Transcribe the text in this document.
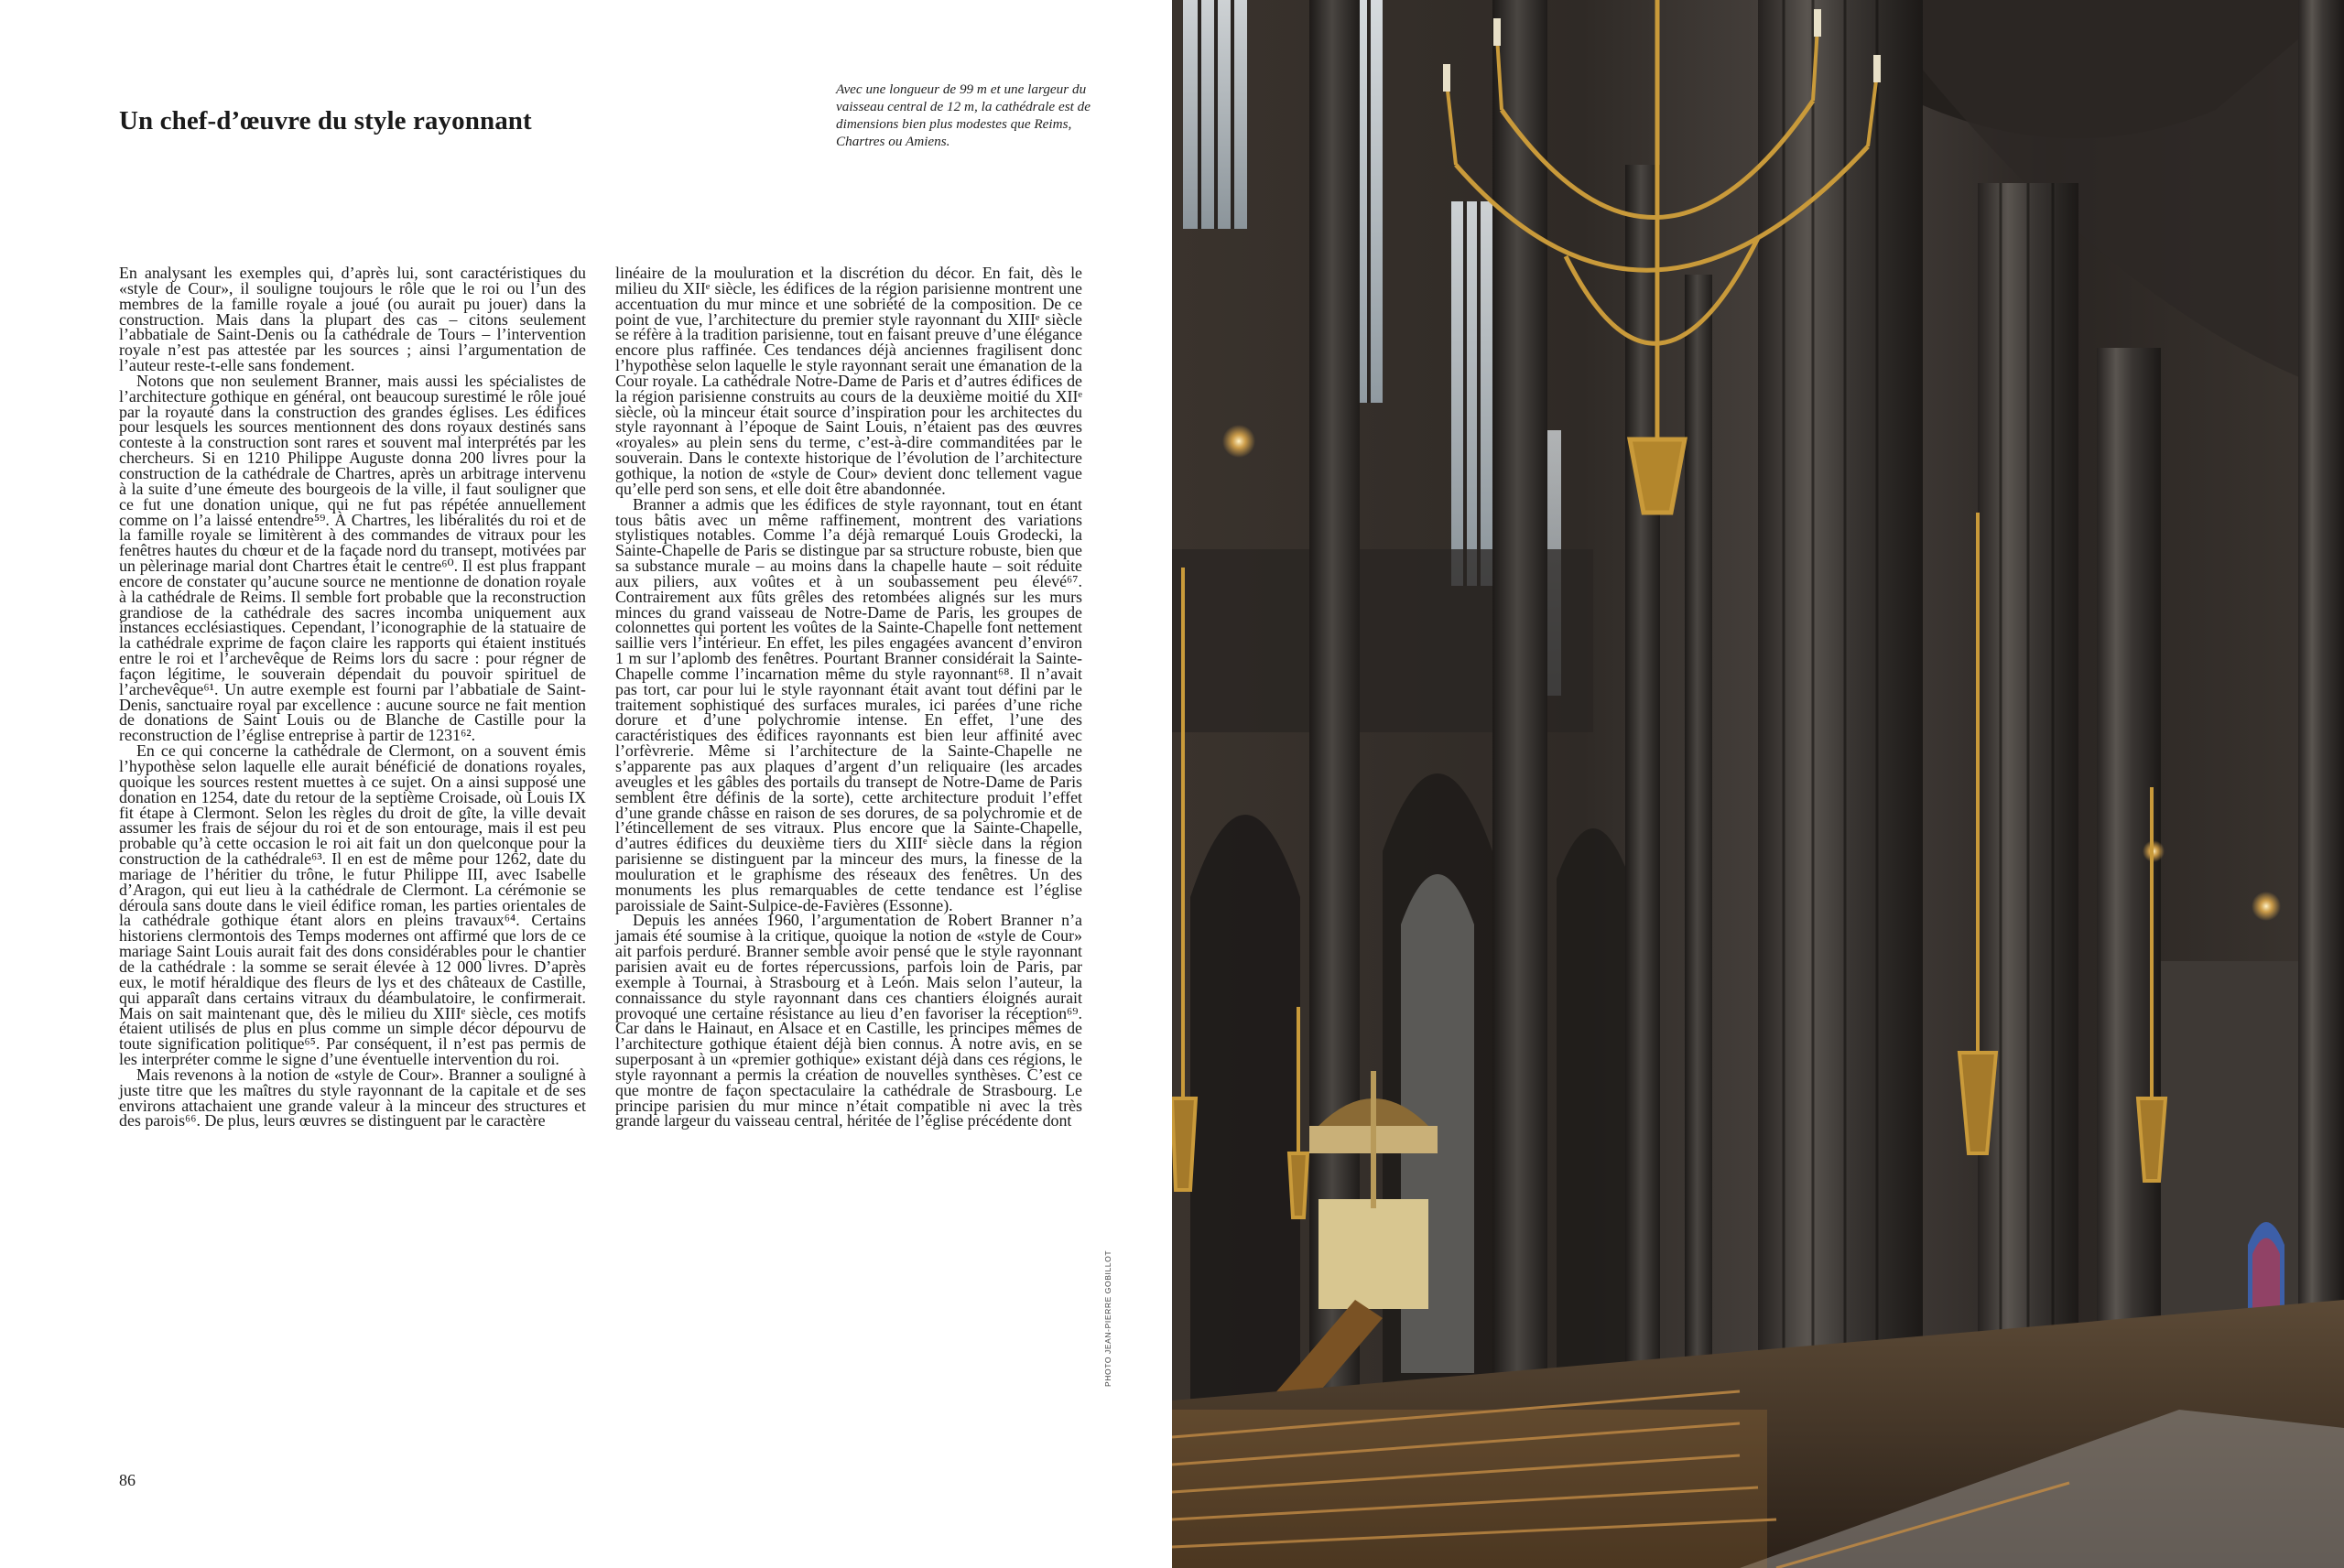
Un chef-d’œuvre du style rayonnant
Avec une longueur de 99 m et une largeur du vaisseau central de 12 m, la cathédrale est de dimensions bien plus modestes que Reims, Chartres ou Amiens.

En analysant les exemples qui, d’après lui, sont caractéristiques du «style de Cour», il souligne toujours le rôle que le roi ou l’un des membres de la famille royale a joué (ou aurait pu jouer) dans la construction. Mais dans la plupart des cas – citons seulement l’abbatiale de Saint-Denis ou la cathédrale de Tours – l’intervention royale n’est pas attestée par les sources ; ainsi l’argumentation de l’auteur reste-t-elle sans fondement.

Notons que non seulement Branner, mais aussi les spécialistes de l’architecture gothique en général, ont beaucoup surestimé le rôle joué par la royauté dans la construction des grandes églises. Les édifices pour lesquels les sources mentionnent des dons royaux destinés sans conteste à la construction sont rares et souvent mal interprétés par les chercheurs. Si en 1210 Philippe Auguste donna 200 livres pour la construction de la cathédrale de Chartres, après un arbitrage intervenu à la suite d’une émeute des bourgeois de la ville, il faut souligner que ce fut une donation unique, qui ne fut pas répétée annuellement comme on l’a laissé entendre⁵⁹. À Chartres, les libéralités du roi et de la famille royale se limitèrent à des commandes de vitraux pour les fenêtres hautes du chœur et de la façade nord du transept, motivées par un pèlerinage marial dont Chartres était le centre⁶⁰. Il est plus frappant encore de constater qu’aucune source ne mentionne de donation royale à la cathédrale de Reims. Il semble fort probable que la reconstruction grandiose de la cathédrale des sacres incomba uniquement aux instances ecclésiastiques. Cependant, l’iconographie de la statuaire de la cathédrale exprime de façon claire les rapports qui étaient institués entre le roi et l’archevêque de Reims lors du sacre : pour régner de façon légitime, le souverain dépendait du pouvoir spirituel de l’archevêque⁶¹. Un autre exemple est fourni par l’abbatiale de Saint-Denis, sanctuaire royal par excellence : aucune source ne fait mention de donations de Saint Louis ou de Blanche de Castille pour la reconstruction de l’église entreprise à partir de 1231⁶².

En ce qui concerne la cathédrale de Clermont, on a souvent émis l’hypothèse selon laquelle elle aurait bénéficié de donations royales, quoique les sources restent muettes à ce sujet. On a ainsi supposé une donation en 1254, date du retour de la septième Croisade, où Louis IX fit étape à Clermont. Selon les règles du droit de gîte, la ville devait assumer les frais de séjour du roi et de son entourage, mais il est peu probable qu’à cette occasion le roi ait fait un don quelconque pour la construction de la cathédrale⁶³. Il en est de même pour 1262, date du mariage de l’héritier du trône, le futur Philippe III, avec Isabelle d’Aragon, qui eut lieu à la cathédrale de Clermont. La cérémonie se déroula sans doute dans le vieil édifice roman, les parties orientales de la cathédrale gothique étant alors en pleins travaux⁶⁴. Certains historiens clermontois des Temps modernes ont affirmé que lors de ce mariage Saint Louis aurait fait des dons considérables pour le chantier de la cathédrale : la somme se serait élevée à 12 000 livres. D’après eux, le motif héraldique des fleurs de lys et des châteaux de Castille, qui apparaît dans certains vitraux du déambulatoire, le confirmerait. Mais on sait maintenant que, dès le milieu du XIIIᵉ siècle, ces motifs étaient utilisés de plus en plus comme un simple décor dépourvu de toute signification politique⁶⁵. Par conséquent, il n’est pas permis de les interpréter comme le signe d’une éventuelle intervention du roi.

Mais revenons à la notion de «style de Cour». Branner a souligné à juste titre que les maîtres du style rayonnant de la capitale et de ses environs attachaient une grande valeur à la minceur des structures et des parois⁶⁶. De plus, leurs œuvres se distinguent par le caractère

linéaire de la mouluration et la discrétion du décor. En fait, dès le milieu du XIIᵉ siècle, les édifices de la région parisienne montrent une accentuation du mur mince et une sobriété de la composition. De ce point de vue, l’architecture du premier style rayonnant du XIIIᵉ siècle se réfère à la tradition parisienne, tout en faisant preuve d’une élégance encore plus raffinée. Ces tendances déjà anciennes fragilisent donc l’hypothèse selon laquelle le style rayonnant serait une émanation de la Cour royale. La cathédrale Notre-Dame de Paris et d’autres édifices de la région parisienne construits au cours de la deuxième moitié du XIIᵉ siècle, où la minceur était source d’inspiration pour les architectes du style rayonnant à l’époque de Saint Louis, n’étaient pas des œuvres «royales» au plein sens du terme, c’est-à-dire commanditées par le souverain. Dans le contexte historique de l’évolution de l’architecture gothique, la notion de «style de Cour» devient donc tellement vague qu’elle perd son sens, et elle doit être abandonnée.

Branner a admis que les édifices de style rayonnant, tout en étant tous bâtis avec un même raffinement, montrent des variations stylistiques notables. Comme l’a déjà remarqué Louis Grodecki, la Sainte-Chapelle de Paris se distingue par sa structure robuste, bien que sa substance murale – au moins dans la chapelle haute – soit réduite aux piliers, aux voûtes et à un soubassement peu élevé⁶⁷. Contrairement aux fûts grêles des retombées alignés sur les murs minces du grand vaisseau de Notre-Dame de Paris, les groupes de colonnettes qui portent les voûtes de la Sainte-Chapelle font nettement saillie vers l’intérieur. En effet, les piles engagées avancent d’environ 1 m sur l’aplomb des fenêtres. Pourtant Branner considérait la Sainte-Chapelle comme l’incarnation même du style rayonnant⁶⁸. Il n’avait pas tort, car pour lui le style rayonnant était avant tout défini par le traitement sophistiqué des surfaces murales, ici parées d’une riche dorure et d’une polychromie intense. En effet, l’une des caractéristiques des édifices rayonnants est bien leur affinité avec l’orfèvrerie. Même si l’architecture de la Sainte-Chapelle ne s’apparente pas aux plaques d’argent d’un reliquaire (les arcades aveugles et les gâbles des portails du transept de Notre-Dame de Paris semblent être définis de la sorte), cette architecture produit l’effet d’une grande châsse en raison de ses dorures, de sa polychromie et de l’étincellement de ses vitraux. Plus encore que la Sainte-Chapelle, d’autres édifices du deuxième tiers du XIIIᵉ siècle dans la région parisienne se distinguent par la minceur des murs, la finesse de la mouluration et le graphisme des réseaux des fenêtres. Un des monuments les plus remarquables de cette tendance est l’église paroissiale de Saint-Sulpice-de-Favières (Essonne).

Depuis les années 1960, l’argumentation de Robert Branner n’a jamais été soumise à la critique, quoique la notion de «style de Cour» ait parfois perduré. Branner semble avoir pensé que le style rayonnant parisien avait eu de fortes répercussions, parfois loin de Paris, par exemple à Tournai, à Strasbourg et à León. Mais selon l’auteur, la connaissance du style rayonnant dans ces chantiers éloignés aurait provoqué une certaine résistance au lieu d’en favoriser la réception⁶⁹. Car dans le Hainaut, en Alsace et en Castille, les principes mêmes de l’architecture gothique étaient déjà bien connus. À notre avis, en se superposant à un «premier gothique» existant déjà dans ces régions, le style rayonnant a permis la création de nouvelles synthèses. C’est ce que montre de façon spectaculaire la cathédrale de Strasbourg. Le principe parisien du mur mince n’était compatible ni avec la très grande largeur du vaisseau central, héritée de l’église précédente dont

86
PHOTO JEAN-PIERRE GOBILLOT
